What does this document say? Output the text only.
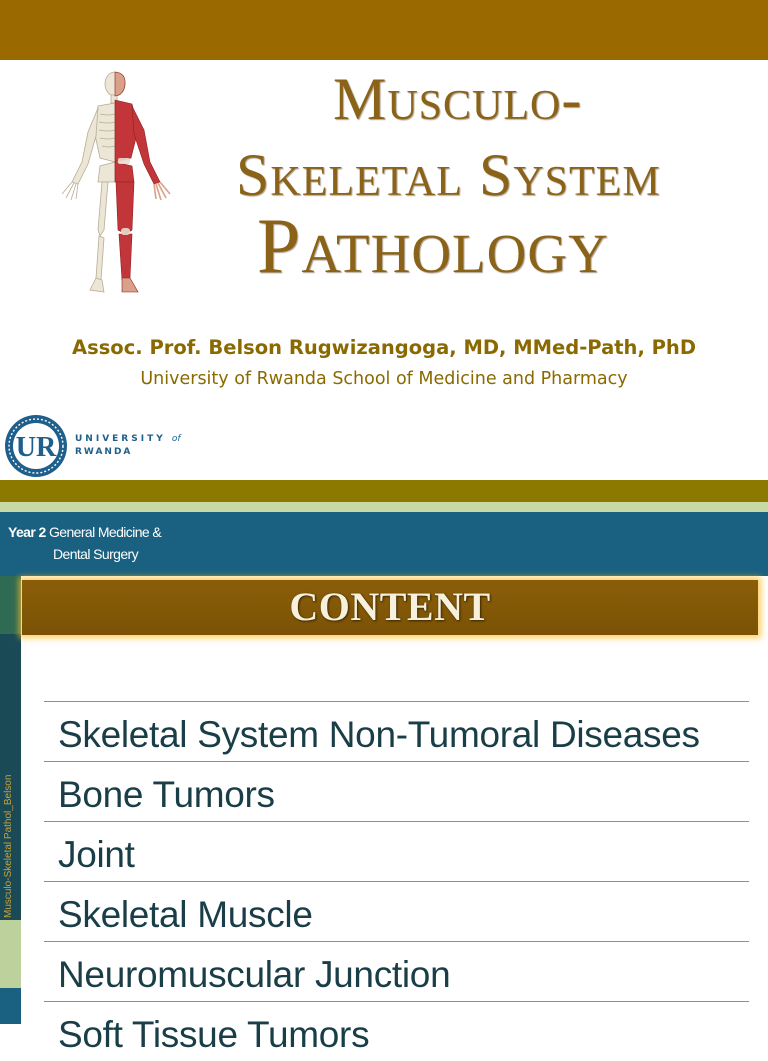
Musculo-
Skeletal System
Pathology
Assoc. Prof. Belson Rugwizangoga, MD, MMed-Path, PhD
University of Rwanda School of Medicine and Pharmacy
UR UNIVERSITY of
RWANDA
Year 2 General Medicine &
Dental Surgery
Musculo-Skeletal Pathol_Belson
CONTENT
Skeletal System Non-Tumoral Diseases
Bone Tumors
Joint
Skeletal Muscle
Neuromuscular Junction
Soft Tissue Tumors
